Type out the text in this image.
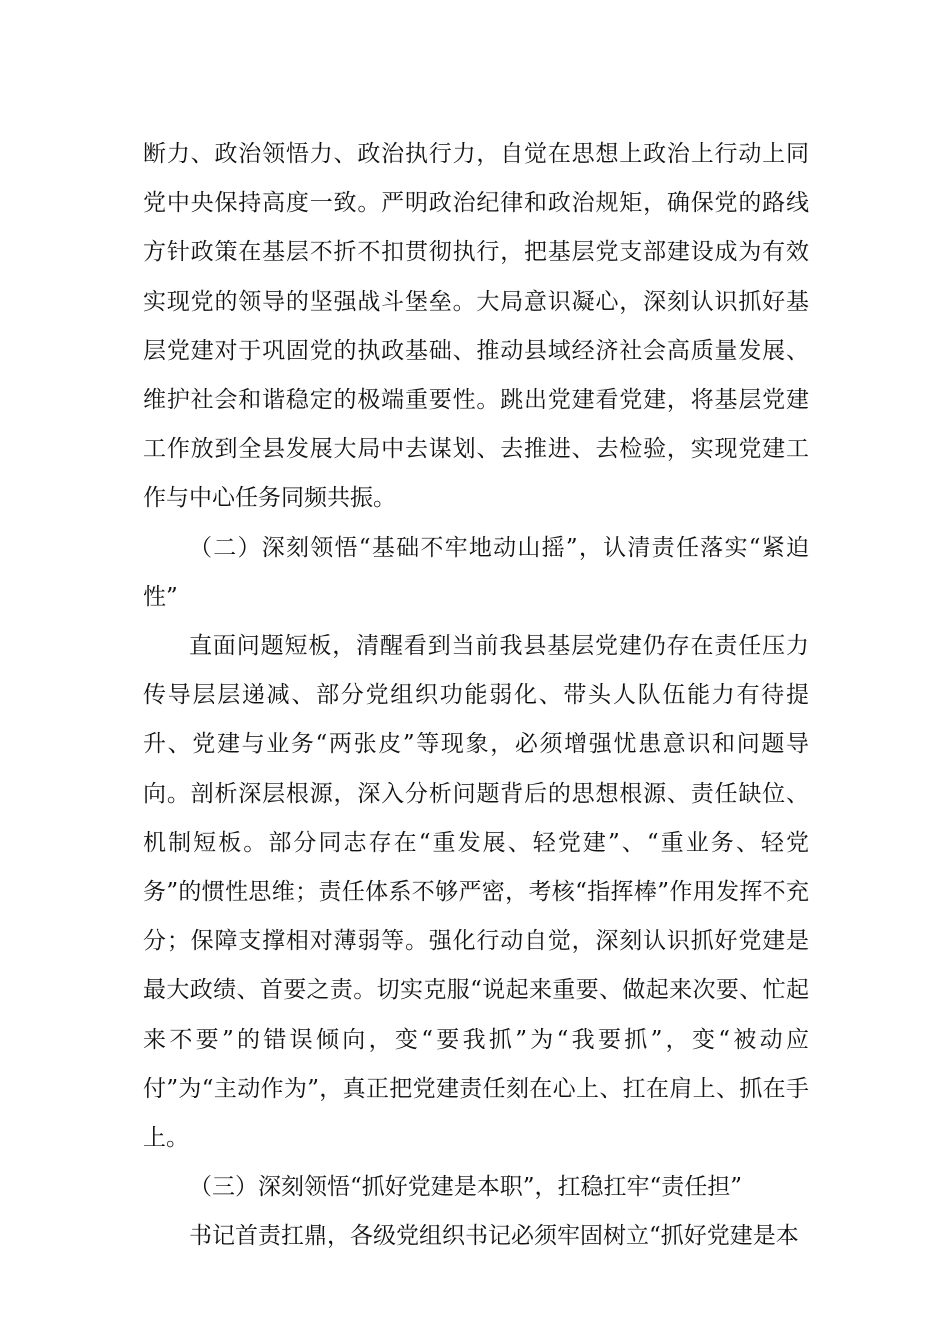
断力、政治领悟力、政治执行力，自觉在思想上政治上行动上同党中央保持高度一致。严明政治纪律和政治规矩，确保党的路线方针政策在基层不折不扣贯彻执行，把基层党支部建设成为有效实现党的领导的坚强战斗堡垒。大局意识凝心，深刻认识抓好基层党建对于巩固党的执政基础、推动县域经济社会高质量发展、维护社会和谐稳定的极端重要性。跳出党建看党建，将基层党建工作放到全县发展大局中去谋划、去推进、去检验，实现党建工作与中心任务同频共振。

（二）深刻领悟“基础不牢地动山摇”，认清责任落实“紧迫性”

直面问题短板，清醒看到当前我县基层党建仍存在责任压力传导层层递减、部分党组织功能弱化、带头人队伍能力有待提升、党建与业务“两张皮”等现象，必须增强忧患意识和问题导向。剖析深层根源，深入分析问题背后的思想根源、责任缺位、机制短板。部分同志存在“重发展、轻党建”、“重业务、轻党务”的惯性思维；责任体系不够严密，考核“指挥棒”作用发挥不充分；保障支撑相对薄弱等。强化行动自觉，深刻认识抓好党建是最大政绩、首要之责。切实克服“说起来重要、做起来次要、忙起来不要”的错误倾向，变“要我抓”为“我要抓”，变“被动应付”为“主动作为”，真正把党建责任刻在心上、扛在肩上、抓在手上。

（三）深刻领悟“抓好党建是本职”，扛稳扛牢“责任担”

书记首责扛鼎，各级党组织书记必须牢固树立“抓好党建是本
